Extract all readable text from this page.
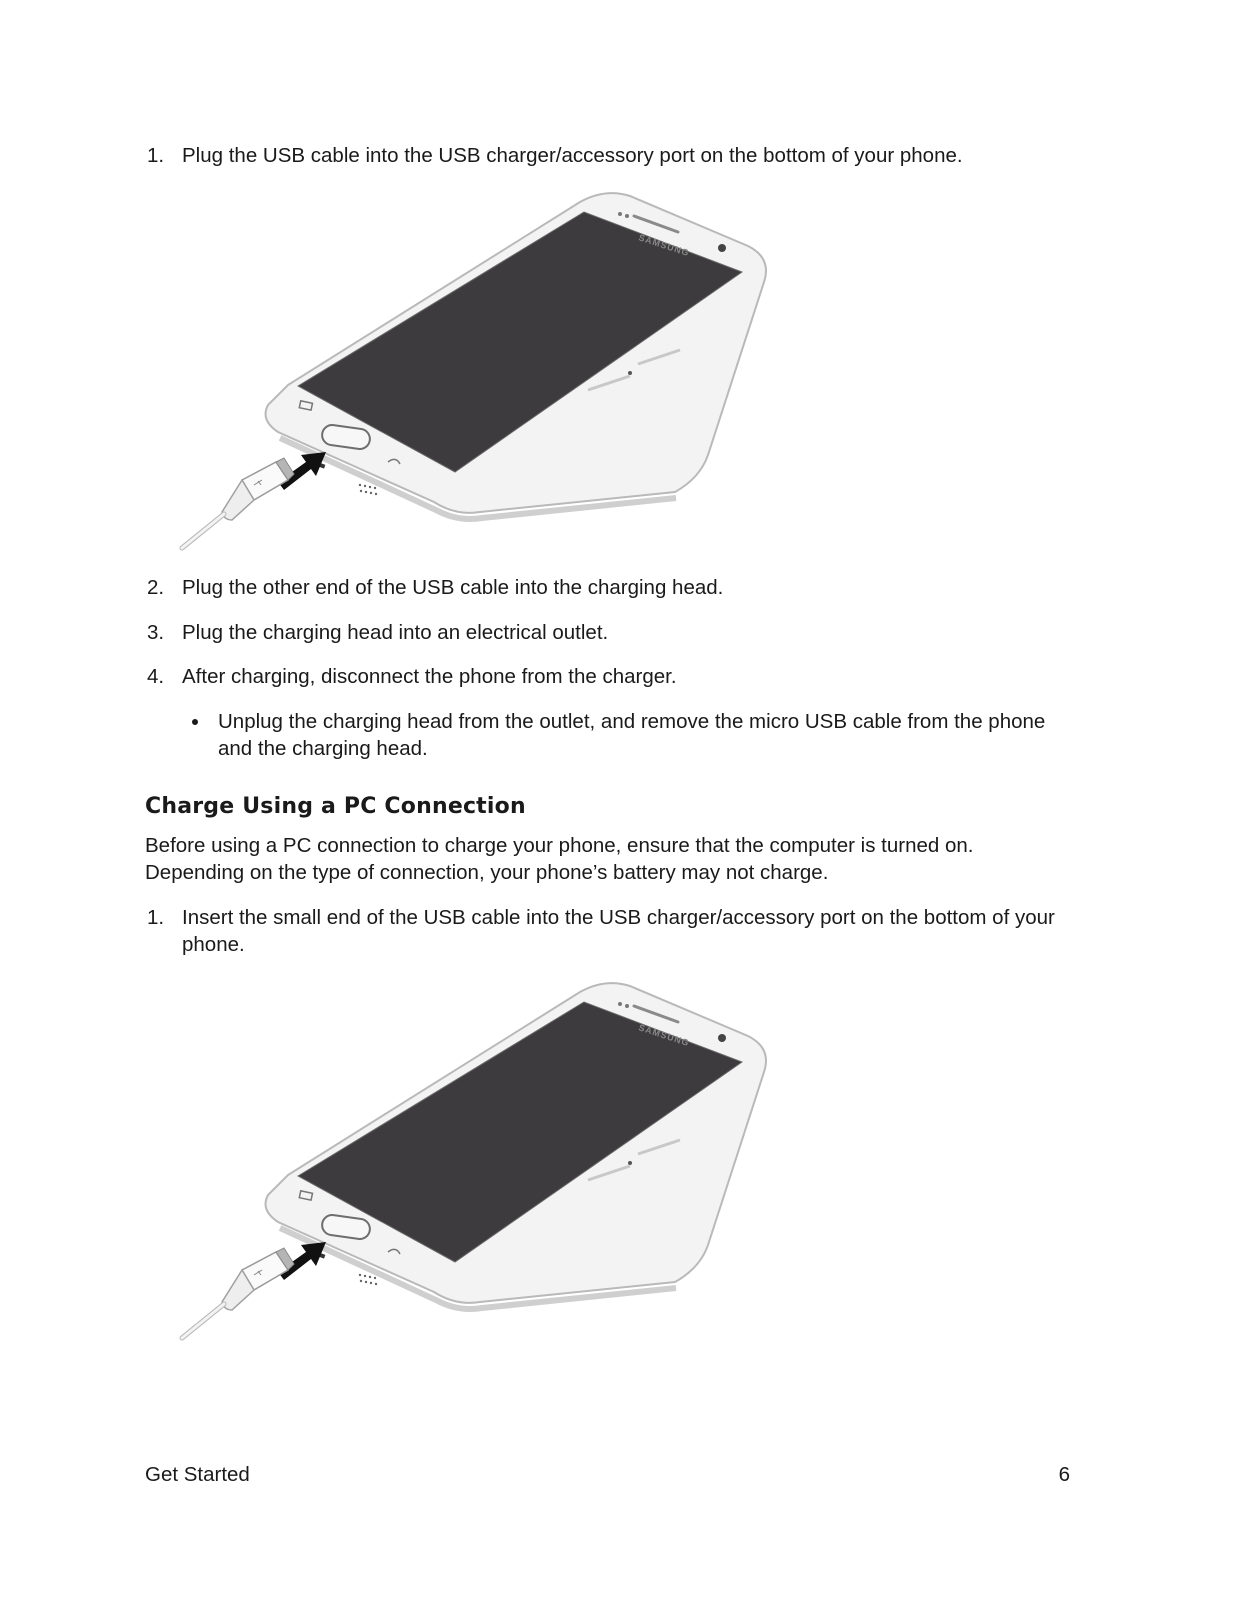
1. Plug the USB cable into the USB charger/accessory port on the bottom of your phone.
SAMSUNG
2. Plug the other end of the USB cable into the charging head.
3. Plug the charging head into an electrical outlet.
4. After charging, disconnect the phone from the charger.
Unplug the charging head from the outlet, and remove the micro USB cable from the phone
and the charging head.
Charge Using a PC Connection
Before using a PC connection to charge your phone, ensure that the computer is turned on.
Depending on the type of connection, your phone’s battery may not charge.
1. Insert the small end of the USB cable into the USB charger/accessory port on the bottom of your
phone.
SAMSUNG
Get Started	6
